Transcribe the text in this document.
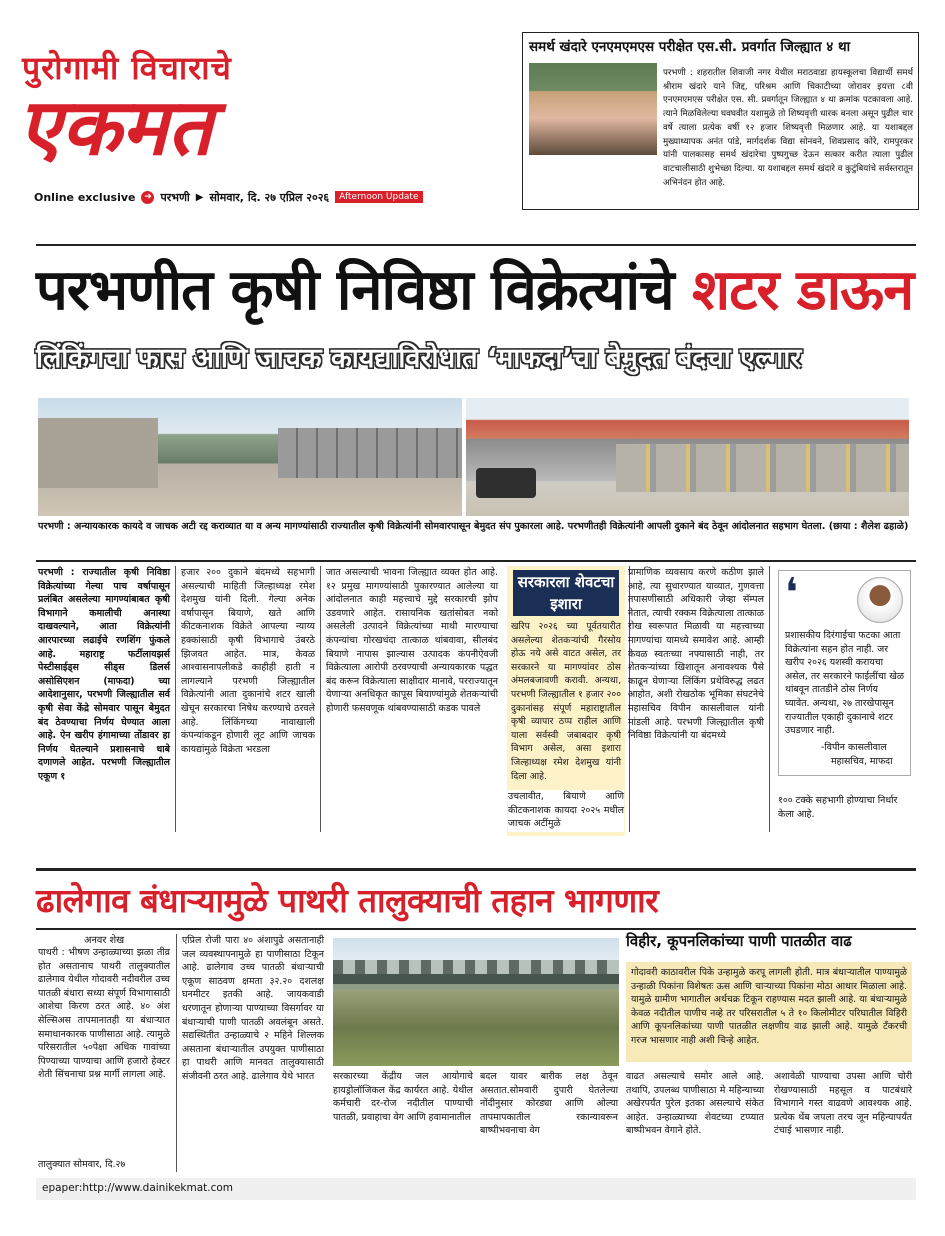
पुरोगामी विचाराचे
एकमत
Online exclusive ➜ परभणी ▶ सोमवार, दि. २७ एप्रिल २०२६	Afternoon Update
समर्थ खंदारे एनएमएमएस परीक्षेत एस.सी. प्रवर्गात जिल्ह्यात ४ था
परभणी : शहरातील शिवाजी नगर येथील मराठवाडा हायस्कूलचा विद्यार्थी समर्थ श्रीराम खंदारे याने जिद्द, परिश्रम आणि चिकाटीच्या जोरावर इयत्ता ८वी एनएमएमएस परीक्षेत एस. सी. प्रवर्गातून जिल्ह्यात ४ था क्रमांक पटकावला आहे. त्याने मिळविलेल्या घवघवीत यशामुळे तो शिष्यवृत्ती धारक बनला असून पुढील चार वर्षे त्याला प्रत्येक वर्षी १२ हजार शिष्यवृत्ती मिळणार आहे. या यशाबद्दल मुख्याध्यापक अनंत पांडे, मार्गदर्शक विद्या सोनवने, शिवप्रसाद कोरे, रामपुरकर यांनी पालकासह समर्थ खंदारेचा पुष्पगुच्छ देऊन सत्कार करीत त्याला पुढील वाटचालीसाठी शुभेच्छा दिल्या. या यशाबद्दल समर्थ खंदारे व कुटुंबियांचे सर्वस्तरातून अभिनंदन होत आहे.
परभणीत कृषी निविष्ठा विक्रेत्यांचे शटर डाऊन
लिंकिंगचा फास आणि जाचक कायद्याविरोधात ‘माफदा’चा बेमुदत बंदचा एल्गार
परभणी : अन्यायकारक कायदे व जाचक अटी रद्द कराव्यात या व अन्य मागण्यांसाठी राज्यातील कृषी विक्रेत्यांनी सोमवारपासून बेमुदत संप पुकारला आहे. परभणीतही विक्रेत्यांनी आपली दुकाने बंद ठेवून आंदोलनात सहभाग घेतला. (छाया : शैलेश ढहाळे)
परभणी : राज्यातील कृषी निविष्ठा विक्रेत्यांच्या गेल्या पाच वर्षापासून प्रलंबित असलेल्या मागण्यांबाबत कृषी विभागाने कमालीची अनास्था दाखवल्याने, आता विक्रेत्यांनी आरपारच्या लढाईचे रणशिंग फुंकले आहे. महाराष्ट्र फर्टीलायझर्स पेस्टीसाईड्स सीड्स डिलर्स असोसिएशन (माफदा) च्या आदेशानुसार, परभणी जिल्ह्यातील सर्व कृषी सेवा केंद्रे सोमवार पासून बेमुदत बंद ठेवण्याचा निर्णय घेण्यात आला आहे. ऐन खरीप हंगामाच्या तोंडावर हा निर्णय घेतल्याने प्रशासनाचे धाबे दणाणले आहेत. परभणी जिल्ह्यातील एकूण १
हजार २०० दुकाने बंदमध्ये सहभागी असल्याची माहिती जिल्हाध्यक्ष रमेश देशमुख यांनी दिली. गेल्या अनेक वर्षापासून बियाणे, खते आणि कीटकनाशक विक्रेते आपल्या न्याय्य हक्कांसाठी कृषी विभागाचे उंबरठे झिजवत आहेत. मात्र, केवळ आश्वासनापलीकडे काहीही हाती न लागल्याने परभणी जिल्ह्यातील विक्रेत्यांनी आता दुकानांचे शटर खाली खेचून सरकारचा निषेध करण्याचे ठरवले आहे. लिंकिंगच्या नावाखाली कंपन्यांकडून होणारी लूट आणि जाचक कायद्यांमुळे विक्रेता भरडला
जात असल्याची भावना जिल्ह्यात व्यक्त होत आहे. १२ प्रमुख मागण्यांसाठी पुकारण्यात आलेल्या या आंदोलनात काही महत्त्वाचे मुद्दे सरकारची झोप उडवणारे आहेत. रासायनिक खतांसोबत नको असलेली उत्पादने विक्रेत्यांच्या माथी मारण्याचा कंपन्यांचा गोरखधंदा तात्काळ थांबवावा, सीलबंद बियाणे नापास झाल्यास उत्पादक कंपनीऐवजी विक्रेत्याला आरोपी ठरवण्याची अन्यायकारक पद्धत बंद करून विक्रेत्याला साक्षीदार मानावे, परराज्यातून येणाऱ्या अनधिकृत कापूस बियाण्यांमुळे शेतकऱ्यांची होणारी फसवणूक थांबवण्यासाठी कडक पावले
सरकारला शेवटचा इशारा
खरिप २०२६ च्या पूर्वतयारीत असलेल्या शेतकऱ्यांची गैरसोय होऊ नये असे वाटत असेल, तर सरकारने या मागण्यांवर ठोस अंमलबजावणी करावी. अन्यथा, परभणी जिल्ह्यातील १ हजार २०० दुकानांसह संपूर्ण महाराष्ट्रातील कृषी व्यापार ठप्प राहील आणि याला सर्वस्वी जबाबदार कृषी विभाग असेल, असा इशारा जिल्हाध्यक्ष रमेश देशमुख यांनी दिला आहे.
उचलावीत, बियाणे आणि कीटकनाशक कायदा २०२५ मधील जाचक अटींमुळे
प्रामाणिक व्यवसाय करणे कठीण झाले आहे, त्या सुधारण्यात याव्यात, गुणवत्ता तपासणीसाठी अधिकारी जेव्हा सॅम्पल नेतात, त्याची रक्कम विक्रेत्याला तात्काळ रोख स्वरूपात मिळावी या महत्त्वाच्या मागण्यांचा यामध्ये समावेश आहे. आम्ही केवळ स्वतःच्या नफ्यासाठी नाही, तर शेतकऱ्यांच्या खिशातून अनावश्यक पैसे काढून घेणाऱ्या लिंकिंग प्रथेविरुद्ध लढत आहोत, अशी रोखठोक भूमिका संघटनेचे महासचिव विपीन कासलीवाल यांनी मांडली आहे. परभणी जिल्ह्यातील कृषी निविष्ठा विक्रेत्यांनी या बंदमध्ये
❛
प्रशासकीय दिरंगाईचा फटका आता विक्रेत्यांना सहन होत नाही. जर खरीप २०२६ यशस्वी करायचा असेल, तर सरकारने फाईलींचा खेळ थांबवून तातडीने ठोस निर्णय घ्यावेत. अन्यथा, २७ तारखेपासून राज्यातील एकाही दुकानाचे शटर उघडणार नाही.
-विपीन कासलीवाल
महासचिव, माफदा
१०० टक्के सहभागी होण्याचा निर्धार केला आहे.
ढालेगाव बंधाऱ्यामुळे पाथरी तालुक्याची तहान भागणार
अनवर शेख
पाथरी : भीषण उन्हाळ्याच्या झळा तीव्र होत असतानाच पाथरी तालुक्यातील ढालेगाव येथील गोदावरी नदीवरील उच्च पातळी बंधारा सध्या संपूर्ण विभागासाठी आशेचा किरण ठरत आहे. ४० अंश सेल्सिअस तापमानातही या बंधाऱ्यात समाधानकारक पाणीसाठा आहे. त्यामुळे परिसरातील ५०पेक्षा अधिक गावांच्या पिण्याच्या पाण्याचा आणि हजारो हेक्टर शेती सिंचनाचा प्रश्न मार्गी लागला आहे.
तालुक्यात सोमवार, दि.२७
एप्रिल रोजी पारा ४० अंशापुढे असतानाही जल व्यवस्थापनामुळे हा पाणीसाठा टिकून आहे. ढालेगाव उच्च पातळी बंधाऱ्याची एकूण साठवण क्षमता ३२.२० दशलक्ष घनमीटर इतकी आहे. जायकवाडी धरणातून होणाऱ्या पाण्याच्या विसर्गावर या बंधाऱ्याची पाणी पातळी अवलंबून असते. सद्यस्थितीत उन्हाळ्याचे २ महिने शिल्लक असताना बंधाऱ्यातील उपयुक्त पाणीसाठा हा पाथरी आणि मानवत तालुक्यासाठी संजीवनी ठरत आहे. ढालेगाव येथे भारत	सरकारच्या केंद्रीय जल आयोगाचे हायड्रोलॉजिकल केंद्र कार्यरत आहे. येथील कर्मचारी दर-रोज नदीतील पाण्याची पातळी, प्रवाहाचा वेग आणि हवामानातील
बदल यावर बारीक लक्ष ठेवून असतात.सोमवारी दुपारी घेतलेल्या नोंदीनुसार कोरड्या आणि ओल्या तापमापकातील रकान्यावरून बाष्पीभवनाचा वेग
विहीर, कूपनलिकांच्या पाणी पातळीत वाढ
गोदावरी काठावरील पिके उन्हामुळे करपू लागली होती. मात्र बंधाऱ्यातील पाण्यामुळे उन्हाळी पिकांना विशेषतः ऊस आणि चाऱ्याच्या पिकांना मोठा आधार मिळाला आहे. यामुळे ग्रामीण भागातील अर्थचक्र टिकून राहण्यास मदत झाली आहे. या बंधाऱ्यामुळे केवळ नदीतील पाणीच नव्हे तर परिसरातील ५ ते १० किलोमीटर परिघातील विहिरी आणि कूपनलिकांच्या पाणी पातळीत लक्षणीय वाढ झाली आहे. यामुळे टँकरची गरज भासणार नाही अशी चिन्हे आहेत.
वाढत असल्याचे समोर आले आहे. तथापि, उपलब्ध पाणीसाठा मे महिन्याच्या अखेरपर्यंत पुरेल इतका असल्याचे संकेत आहेत. उन्हाळ्याच्या शेवटच्या टप्प्यात बाष्पीभवन वेगाने होते.
अशावेळी पाण्याचा उपसा आणि चोरी रोखण्यासाठी महसूल व पाटबंधारे विभागाने गस्त वाढवणे आवश्यक आहे. प्रत्येक थेंब जपला तरच जून महिन्यापर्यंत टंचाई भासणार नाही.
epaper:http://www.dainikekmat.com
